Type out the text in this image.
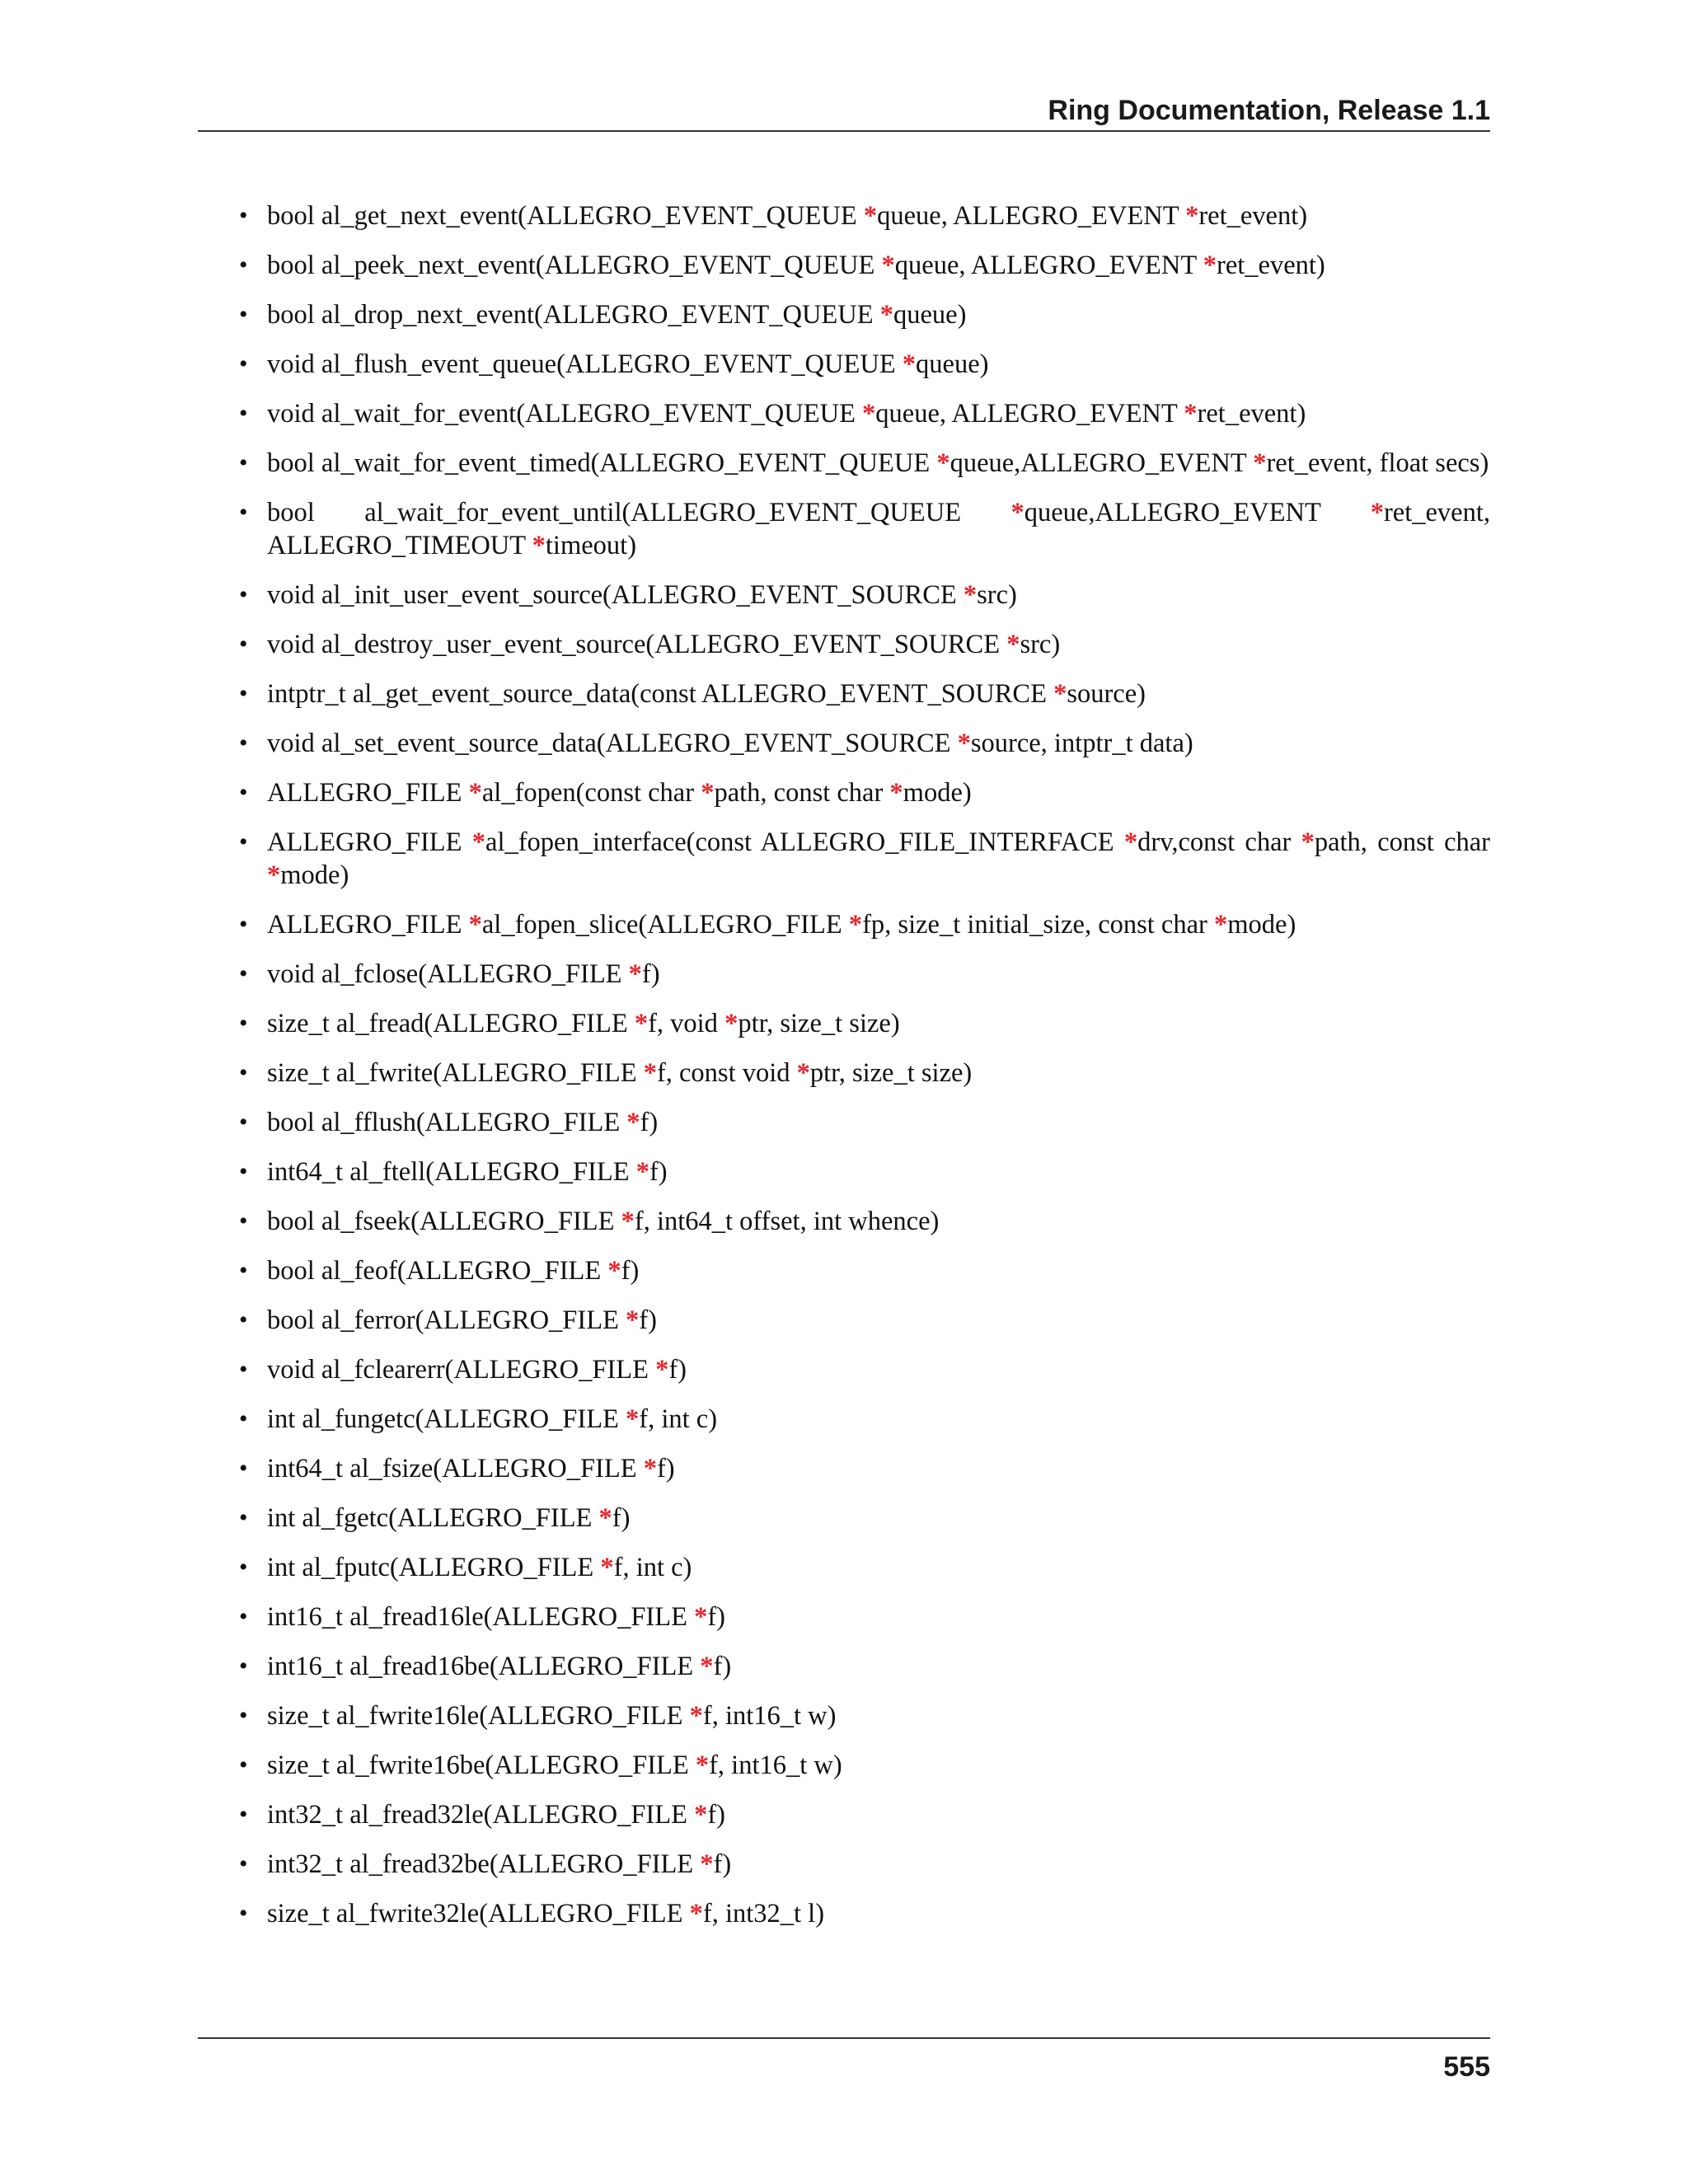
Ring Documentation, Release 1.1
• bool al_get_next_event(ALLEGRO_EVENT_QUEUE *queue, ALLEGRO_EVENT *ret_event)
• bool al_peek_next_event(ALLEGRO_EVENT_QUEUE *queue, ALLEGRO_EVENT *ret_event)
• bool al_drop_next_event(ALLEGRO_EVENT_QUEUE *queue)
• void al_flush_event_queue(ALLEGRO_EVENT_QUEUE *queue)
• void al_wait_for_event(ALLEGRO_EVENT_QUEUE *queue, ALLEGRO_EVENT *ret_event)
• bool al_wait_for_event_timed(ALLEGRO_EVENT_QUEUE *queue,ALLEGRO_EVENT *ret_event, float secs)
• bool al_wait_for_event_until(ALLEGRO_EVENT_QUEUE *queue,ALLEGRO_EVENT *ret_event, ALLEGRO_TIMEOUT *timeout)
• void al_init_user_event_source(ALLEGRO_EVENT_SOURCE *src)
• void al_destroy_user_event_source(ALLEGRO_EVENT_SOURCE *src)
• intptr_t al_get_event_source_data(const ALLEGRO_EVENT_SOURCE *source)
• void al_set_event_source_data(ALLEGRO_EVENT_SOURCE *source, intptr_t data)
• ALLEGRO_FILE *al_fopen(const char *path, const char *mode)
• ALLEGRO_FILE *al_fopen_interface(const ALLEGRO_FILE_INTERFACE *drv,const char *path, const char *mode)
• ALLEGRO_FILE *al_fopen_slice(ALLEGRO_FILE *fp, size_t initial_size, const char *mode)
• void al_fclose(ALLEGRO_FILE *f)
• size_t al_fread(ALLEGRO_FILE *f, void *ptr, size_t size)
• size_t al_fwrite(ALLEGRO_FILE *f, const void *ptr, size_t size)
• bool al_fflush(ALLEGRO_FILE *f)
• int64_t al_ftell(ALLEGRO_FILE *f)
• bool al_fseek(ALLEGRO_FILE *f, int64_t offset, int whence)
• bool al_feof(ALLEGRO_FILE *f)
• bool al_ferror(ALLEGRO_FILE *f)
• void al_fclearerr(ALLEGRO_FILE *f)
• int al_fungetc(ALLEGRO_FILE *f, int c)
• int64_t al_fsize(ALLEGRO_FILE *f)
• int al_fgetc(ALLEGRO_FILE *f)
• int al_fputc(ALLEGRO_FILE *f, int c)
• int16_t al_fread16le(ALLEGRO_FILE *f)
• int16_t al_fread16be(ALLEGRO_FILE *f)
• size_t al_fwrite16le(ALLEGRO_FILE *f, int16_t w)
• size_t al_fwrite16be(ALLEGRO_FILE *f, int16_t w)
• int32_t al_fread32le(ALLEGRO_FILE *f)
• int32_t al_fread32be(ALLEGRO_FILE *f)
• size_t al_fwrite32le(ALLEGRO_FILE *f, int32_t l)
555
